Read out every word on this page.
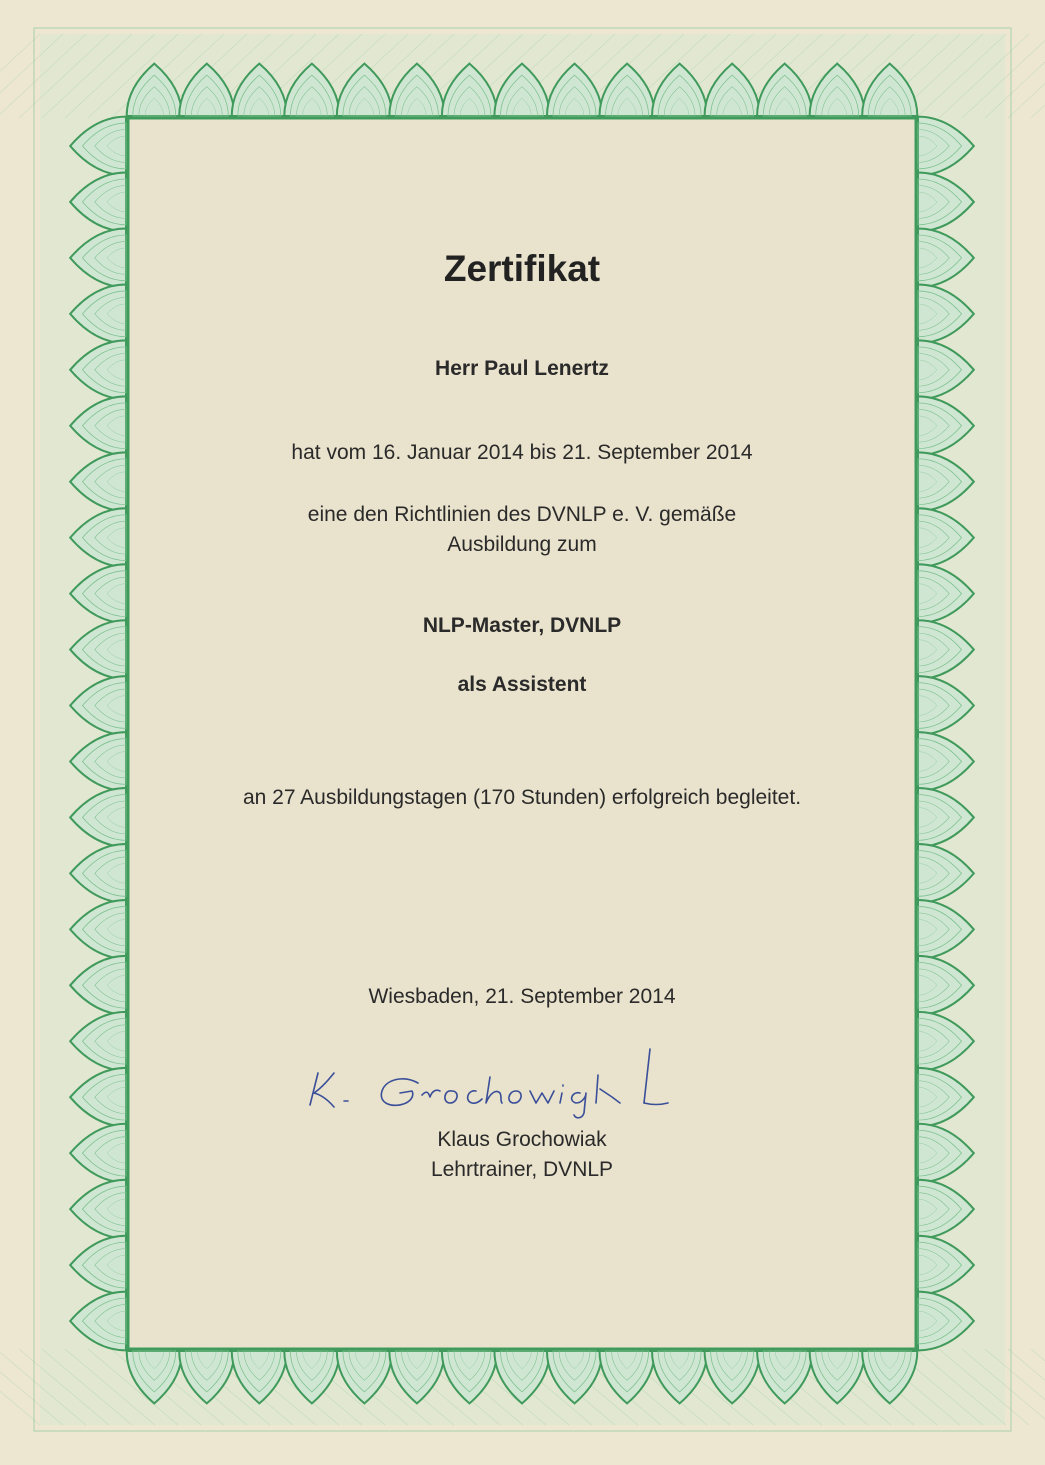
Zertifikat

Herr Paul Lenertz

hat vom 16. Januar 2014 bis 21. September 2014

eine den Richtlinien des DVNLP e. V. gemäße

Ausbildung zum

NLP-Master, DVNLP

als Assistent

an 27 Ausbildungstagen (170 Stunden) erfolgreich begleitet.

Wiesbaden, 21. September 2014

Klaus Grochowiak

Lehrtrainer, DVNLP
